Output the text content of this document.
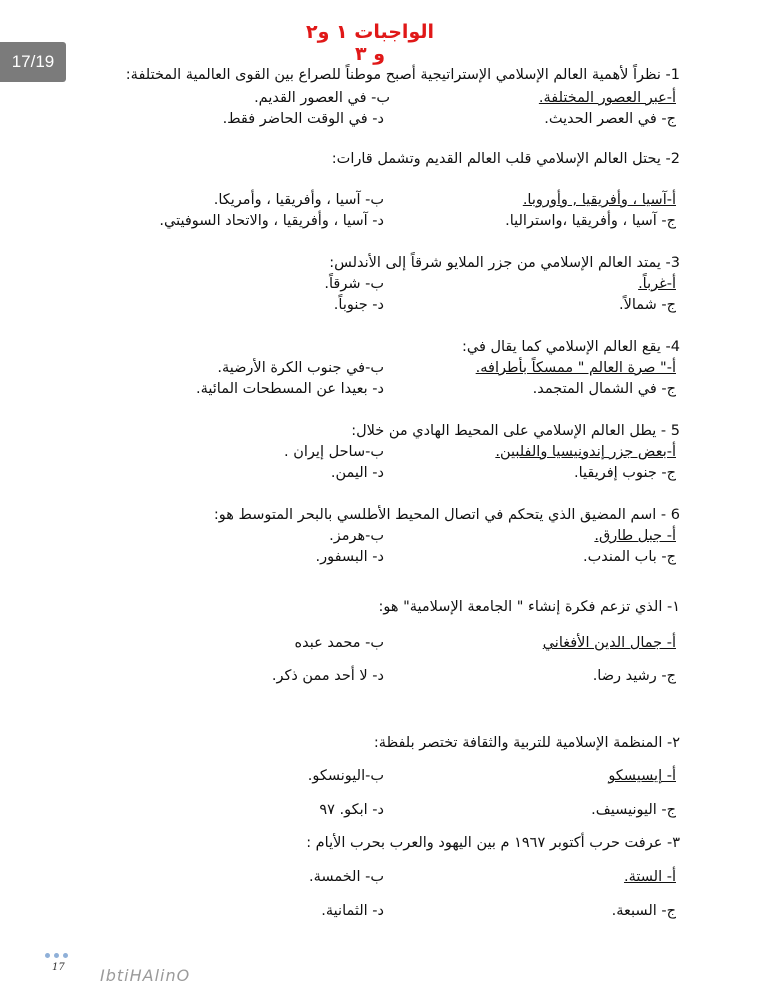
17/19
الواجبات ١ و٢ و ٣
1- نظراً لأهمية العالم الإسلامي الإستراتيجية أصبح موطناً للصراع بين القوى العالمية المختلفة:
أ-عبر العصور المختلفة.
ب- في العصور القديم.
ج- في العصر الحديث.
د- في الوقت الحاضر فقط.
2- يحتل العالم الإسلامي قلب العالم القديم وتشمل قارات:
أ-آسيا ، وأفريقيا , وأوروبا.
ب- آسيا ، وأفريقيا ، وأمريكا.
ج- آسيا ، وأفريقيا ،واستراليا.
د- آسيا ، وأفريقيا ، والاتحاد السوفيتي.
3- يمتد العالم الإسلامي من جزر الملايو شرقاً إلى الأندلس:
أ-غرباً.
ب- شرقاً.
ج- شمالاً.
د- جنوباً.
4- يقع العالم الإسلامي كما يقال في:
أ-" صرة العالم " ممسكاً بأطرافه.
ب-في جنوب الكرة الأرضية.
ج- في الشمال المتجمد.
د- بعيدا عن المسطحات المائية.
5 - يطل العالم الإسلامي على المحيط الهادي من خلال:
أ-بعض جزر إندونيسيا والفلبين.
ب-ساحل إيران .
ج- جنوب إفريقيا.
د- اليمن.
6 - اسم المضيق الذي يتحكم في اتصال المحيط الأطلسي بالبحر المتوسط هو:
أ- جبل طارق.
ب-هرمز.
ج- باب المندب.
د- البسفور.
١- الذي تزعم فكرة إنشاء " الجامعة الإسلامية" هو:
أ- جمال الدين الأفغاني
ب- محمد عبده
ج- رشيد رضا.
د- لا أحد ممن ذكر.
٢- المنظمة الإسلامية للتربية والثقافة تختصر بلفظة:
أ- إيسيسكو
ب-اليونسكو.
ج- اليونيسيف.
د- ابكو. ٩٧
٣- عرفت حرب أكتوبر ١٩٦٧ م بين اليهود والعرب بحرب الأيام :
أ- الستة.
ب- الخمسة.
ج- السبعة.
د- الثمانية.
17 IbtiHAlinO
